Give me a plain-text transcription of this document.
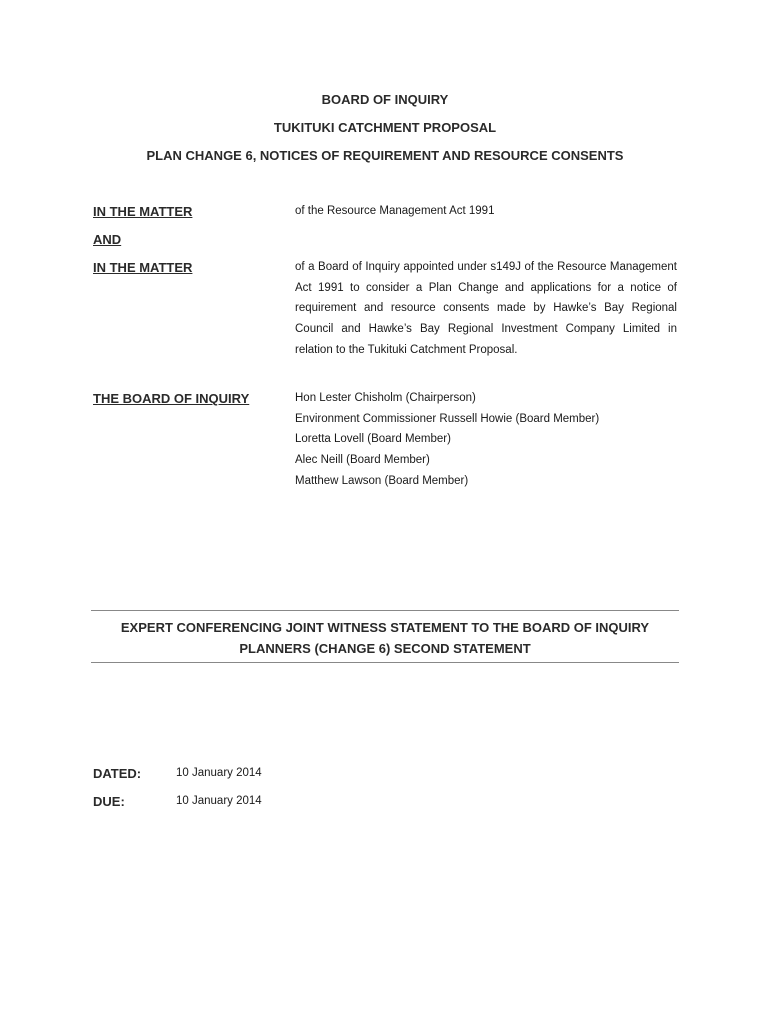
BOARD OF INQUIRY
TUKITUKI CATCHMENT PROPOSAL
PLAN CHANGE 6, NOTICES OF REQUIREMENT AND RESOURCE CONSENTS
IN THE MATTER	of the Resource Management Act 1991
AND
IN THE MATTER	of a Board of Inquiry appointed under s149J of the Resource Management Act 1991 to consider a Plan Change and applications for a notice of requirement and resource consents made by Hawke’s Bay Regional Council and Hawke’s Bay Regional Investment Company Limited in relation to the Tukituki Catchment Proposal.
THE BOARD OF INQUIRY	Hon Lester Chisholm (Chairperson)
Environment Commissioner Russell Howie (Board Member)
Loretta Lovell (Board Member)
Alec Neill (Board Member)
Matthew Lawson (Board Member)
EXPERT CONFERENCING JOINT WITNESS STATEMENT TO THE BOARD OF INQUIRY
PLANNERS (CHANGE 6) SECOND STATEMENT
DATED:	10 January 2014
DUE:	10 January 2014
